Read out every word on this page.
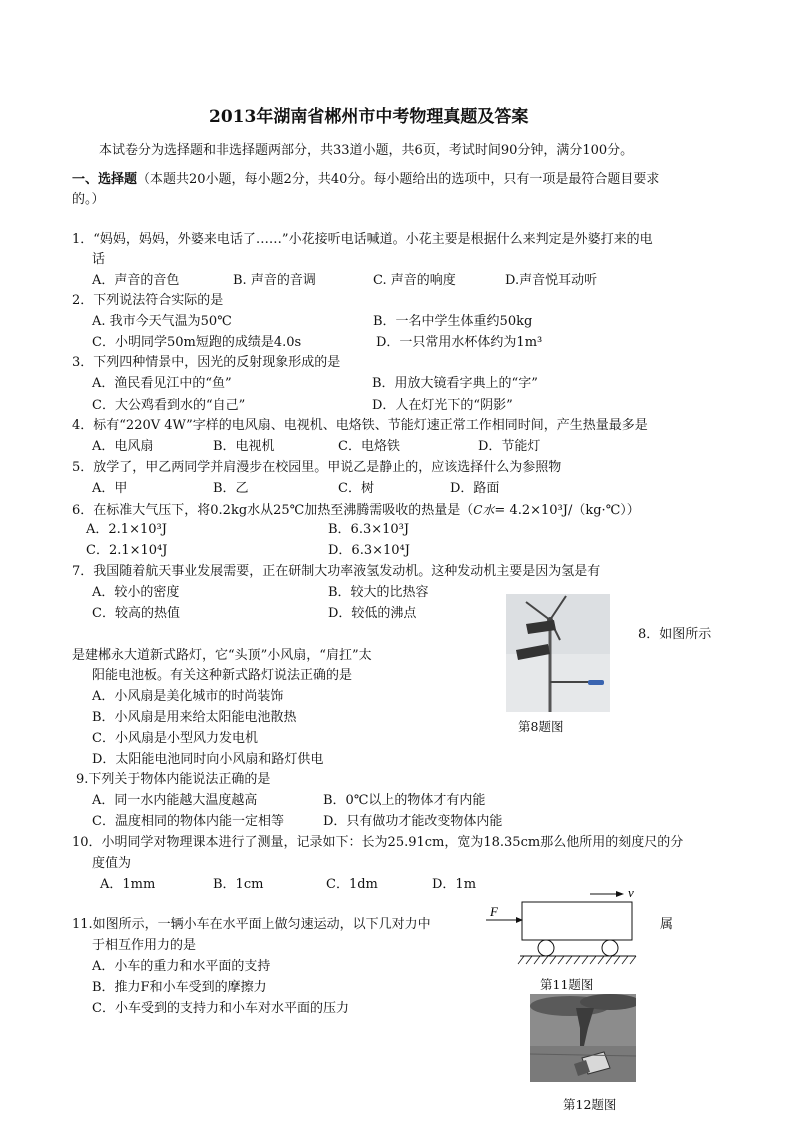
2013年湖南省郴州市中考物理真题及答案
本试卷分为选择题和非选择题两部分，共33道小题，共6页，考试时间90分钟，满分100分。
一、选择题（本题共20小题，每小题2分，共40分。每小题给出的选项中，只有一项是最符合题目要求
的。）
1．“妈妈，妈妈，外婆来电话了……”小花接听电话喊道。小花主要是根据什么来判定是外婆打来的电
话
A．声音的音色	B. 声音的音调	C. 声音的响度	D.声音悦耳动听
2．下列说法符合实际的是
A. 我市今天气温为50℃	B．一名中学生体重约50kg
C．小明同学50m短跑的成绩是4.0s	D．一只常用水杯体约为1m³
3．下列四种情景中，因光的反射现象形成的是
A．渔民看见江中的“鱼”	B．用放大镜看字典上的“字”
C．大公鸡看到水的“自己”	D．人在灯光下的“阴影”
4．标有“220V 4W”字样的电风扇、电视机、电烙铁、节能灯速正常工作相同时间，产生热量最多是
A．电风扇	B．电视机	C．电烙铁	D．节能灯
5．放学了，甲乙两同学并肩漫步在校园里。甲说乙是静止的，应该选择什么为参照物
A．甲	B．乙	C．树	D．路面
6．在标准大气压下，将0.2kg水从25℃加热至沸腾需吸收的热量是（C水= 4.2×10³J/（kg·℃））
A．2.1×10³J	B．6.3×10³J
C．2.1×10⁴J	D．6.3×10⁴J
7．我国随着航天事业发展需要，正在研制大功率液氢发动机。这种发动机主要是因为氢是有
A．较小的密度	B．较大的比热容
C．较高的热值	D．较低的沸点
8．如图所示
是建郴永大道新式路灯，它“头顶”小风扇，“肩扛”太
阳能电池板。有关这种新式路灯说法正确的是
A．小风扇是美化城市的时尚装饰
B．小风扇是用来给太阳能电池散热
C．小风扇是小型风力发电机
D．太阳能电池同时向小风扇和路灯供电
第8题图
9.下列关于物体内能说法正确的是
A．同一水内能越大温度越高	B．0℃以上的物体才有内能
C．温度相同的物体内能一定相等	D．只有做功才能改变物体内能
10．小明同学对物理课本进行了测量，记录如下：长为25.91cm，宽为18.35cm那么他所用的刻度尺的分
度值为
A．1mm	B．1cm	C．1dm	D．1m
F
v
11.如图所示，一辆小车在水平面上做匀速运动，以下几对力中	属
于相互作用力的是
A．小车的重力和水平面的支持
B．推力F和小车受到的摩擦力
C．小车受到的支持力和小车对水平面的压力
第11题图
第12题图
